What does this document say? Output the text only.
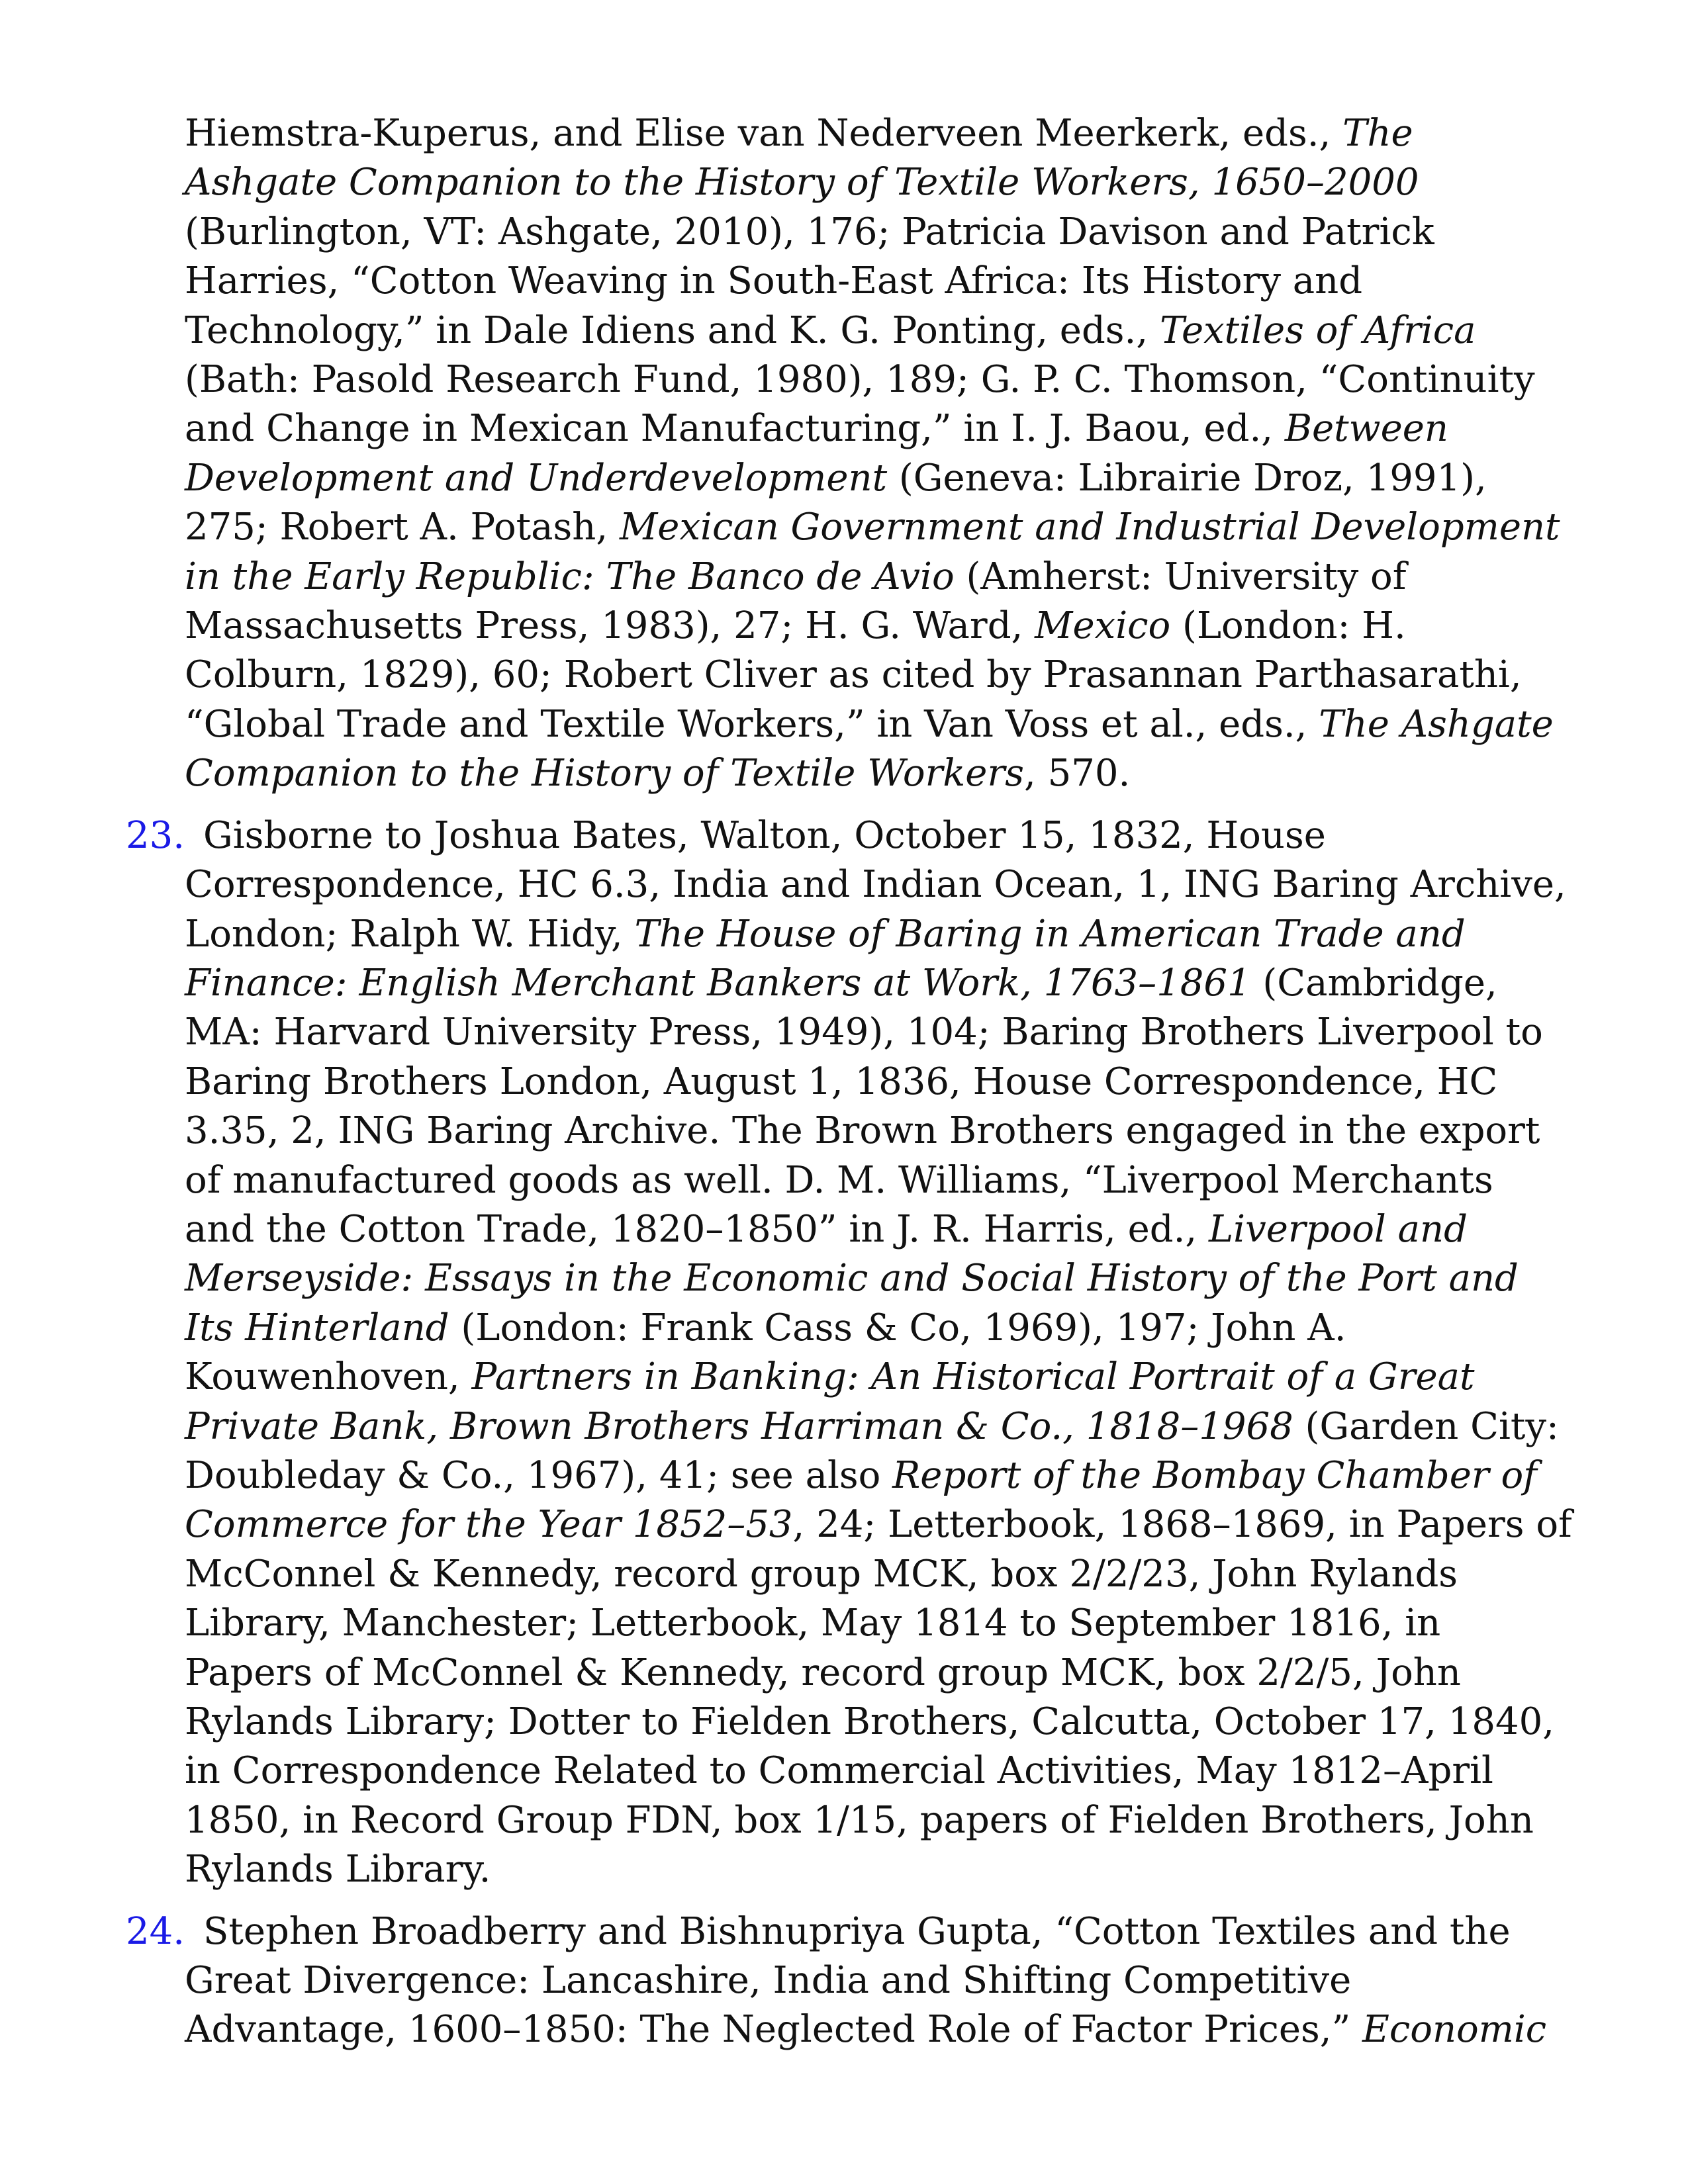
Hiemstra-Kuperus, and Elise van Nederveen Meerkerk, eds., The Ashgate Companion to the History of Textile Workers, 1650–2000 (Burlington, VT: Ashgate, 2010), 176; Patricia Davison and Patrick Harries, “Cotton Weaving in South-East Africa: Its History and Technology,” in Dale Idiens and K. G. Ponting, eds., Textiles of Africa (Bath: Pasold Research Fund, 1980), 189; G. P. C. Thomson, “Continuity and Change in Mexican Manufacturing,” in I. J. Baou, ed., Between Development and Underdevelopment (Geneva: Librairie Droz, 1991), 275; Robert A. Potash, Mexican Government and Industrial Development in the Early Republic: The Banco de Avio (Amherst: University of Massachusetts Press, 1983), 27; H. G. Ward, Mexico (London: H. Colburn, 1829), 60; Robert Cliver as cited by Prasannan Parthasarathi, “Global Trade and Textile Workers,” in Van Voss et al., eds., The Ashgate Companion to the History of Textile Workers, 570.

23. Gisborne to Joshua Bates, Walton, October 15, 1832, House Correspondence, HC 6.3, India and Indian Ocean, 1, ING Baring Archive, London; Ralph W. Hidy, The House of Baring in American Trade and Finance: English Merchant Bankers at Work, 1763–1861 (Cambridge, MA: Harvard University Press, 1949), 104; Baring Brothers Liverpool to Baring Brothers London, August 1, 1836, House Correspondence, HC 3.35, 2, ING Baring Archive. The Brown Brothers engaged in the export of manufactured goods as well. D. M. Williams, “Liverpool Merchants and the Cotton Trade, 1820–1850” in J. R. Harris, ed., Liverpool and Merseyside: Essays in the Economic and Social History of the Port and Its Hinterland (London: Frank Cass & Co, 1969), 197; John A. Kouwenhoven, Partners in Banking: An Historical Portrait of a Great Private Bank, Brown Brothers Harriman & Co., 1818–1968 (Garden City: Doubleday & Co., 1967), 41; see also Report of the Bombay Chamber of Commerce for the Year 1852–53, 24; Letterbook, 1868–1869, in Papers of McConnel & Kennedy, record group MCK, box 2/2/23, John Rylands Library, Manchester; Letterbook, May 1814 to September 1816, in Papers of McConnel & Kennedy, record group MCK, box 2/2/5, John Rylands Library; Dotter to Fielden Brothers, Calcutta, October 17, 1840, in Correspondence Related to Commercial Activities, May 1812–April 1850, in Record Group FDN, box 1/15, papers of Fielden Brothers, John Rylands Library.

24. Stephen Broadberry and Bishnupriya Gupta, “Cotton Textiles and the Great Divergence: Lancashire, India and Shifting Competitive Advantage, 1600–1850: The Neglected Role of Factor Prices,” Economic
